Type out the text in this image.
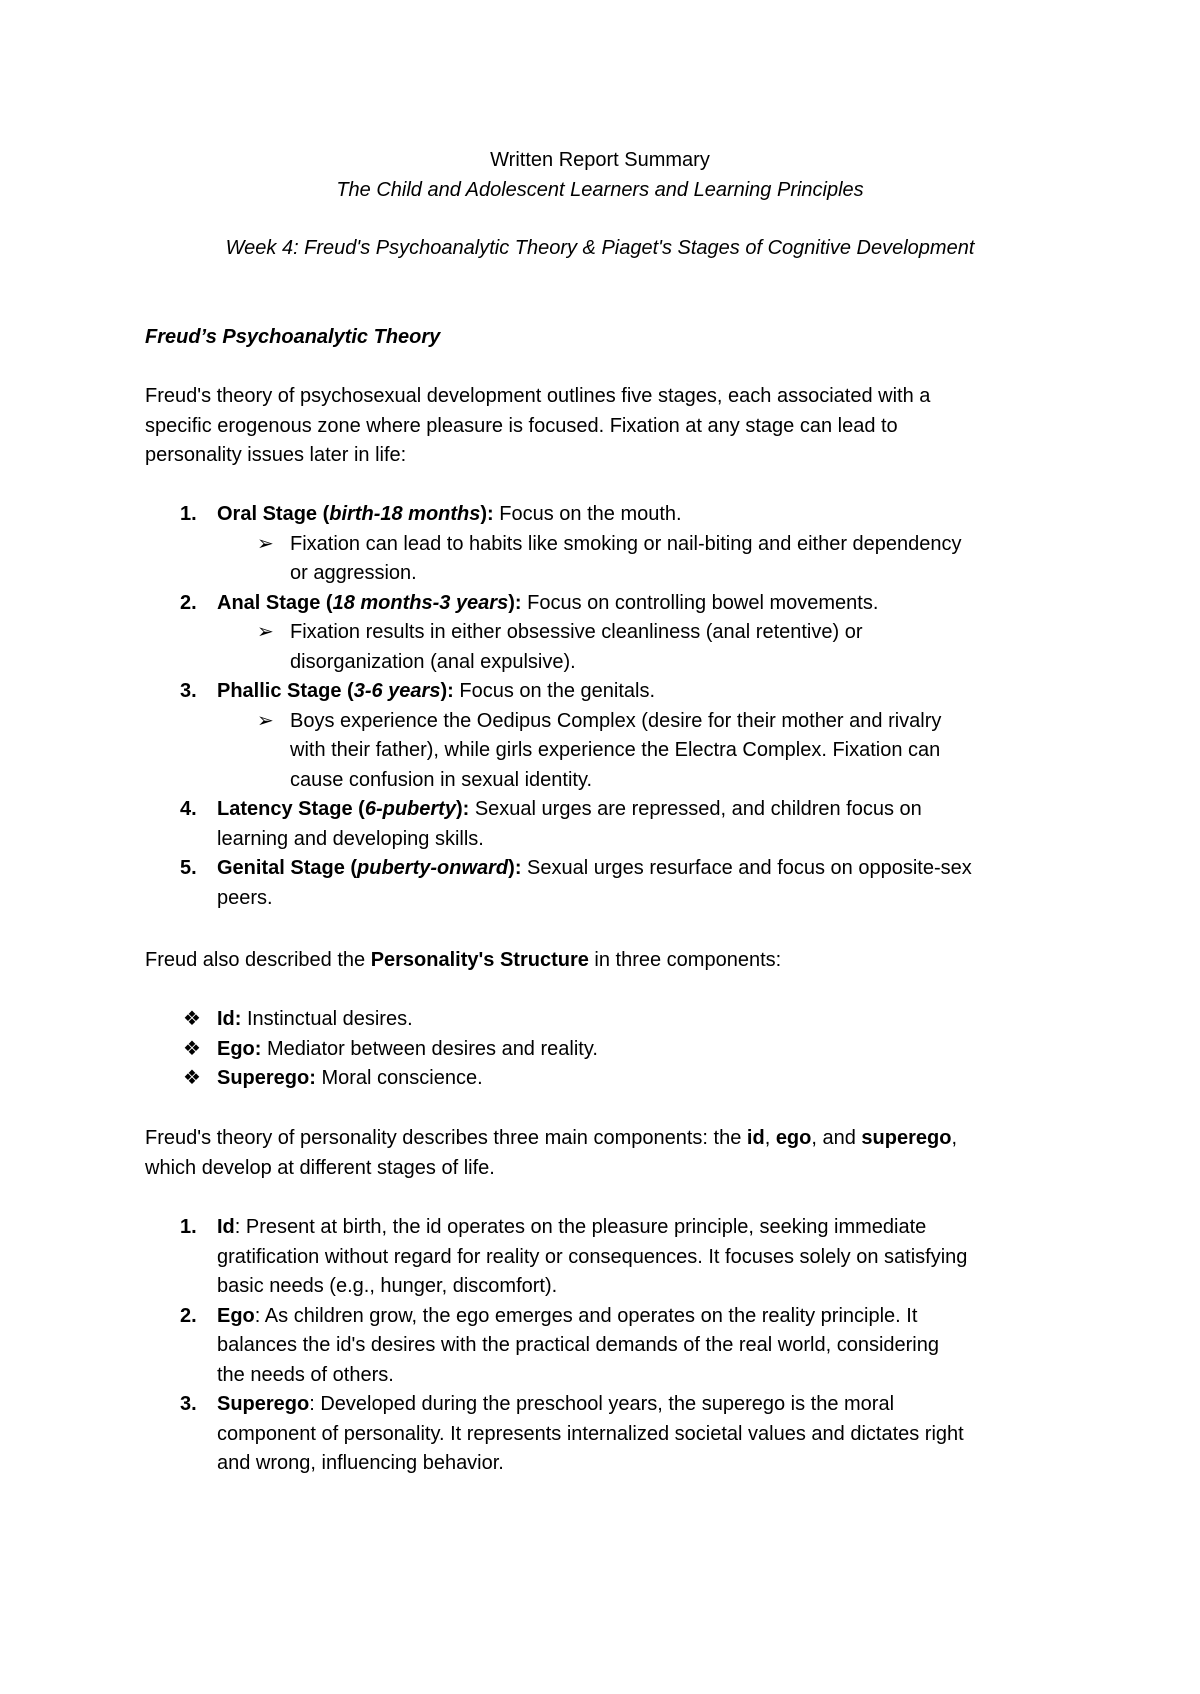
Written Report Summary

The Child and Adolescent Learners and Learning Principles

Week 4: Freud's Psychoanalytic Theory & Piaget's Stages of Cognitive Development

Freud’s Psychoanalytic Theory

Freud's theory of psychosexual development outlines five stages, each associated with a

specific erogenous zone where pleasure is focused. Fixation at any stage can lead to

personality issues later in life:

1. Oral Stage (birth-18 months): Focus on the mouth.
➢ Fixation can lead to habits like smoking or nail-biting and either dependency
or aggression.
2. Anal Stage (18 months-3 years): Focus on controlling bowel movements.
➢ Fixation results in either obsessive cleanliness (anal retentive) or
disorganization (anal expulsive).
3. Phallic Stage (3-6 years): Focus on the genitals.
➢ Boys experience the Oedipus Complex (desire for their mother and rivalry
with their father), while girls experience the Electra Complex. Fixation can
cause confusion in sexual identity.
4. Latency Stage (6-puberty): Sexual urges are repressed, and children focus on
learning and developing skills.
5. Genital Stage (puberty-onward): Sexual urges resurface and focus on opposite-sex
peers.

Freud also described the Personality's Structure in three components:

❖ Id: Instinctual desires.
❖ Ego: Mediator between desires and reality.
❖ Superego: Moral conscience.

Freud's theory of personality describes three main components: the id, ego, and superego,

which develop at different stages of life.

1. Id: Present at birth, the id operates on the pleasure principle, seeking immediate
gratification without regard for reality or consequences. It focuses solely on satisfying
basic needs (e.g., hunger, discomfort).
2. Ego: As children grow, the ego emerges and operates on the reality principle. It
balances the id's desires with the practical demands of the real world, considering
the needs of others.
3. Superego: Developed during the preschool years, the superego is the moral
component of personality. It represents internalized societal values and dictates right
and wrong, influencing behavior.
